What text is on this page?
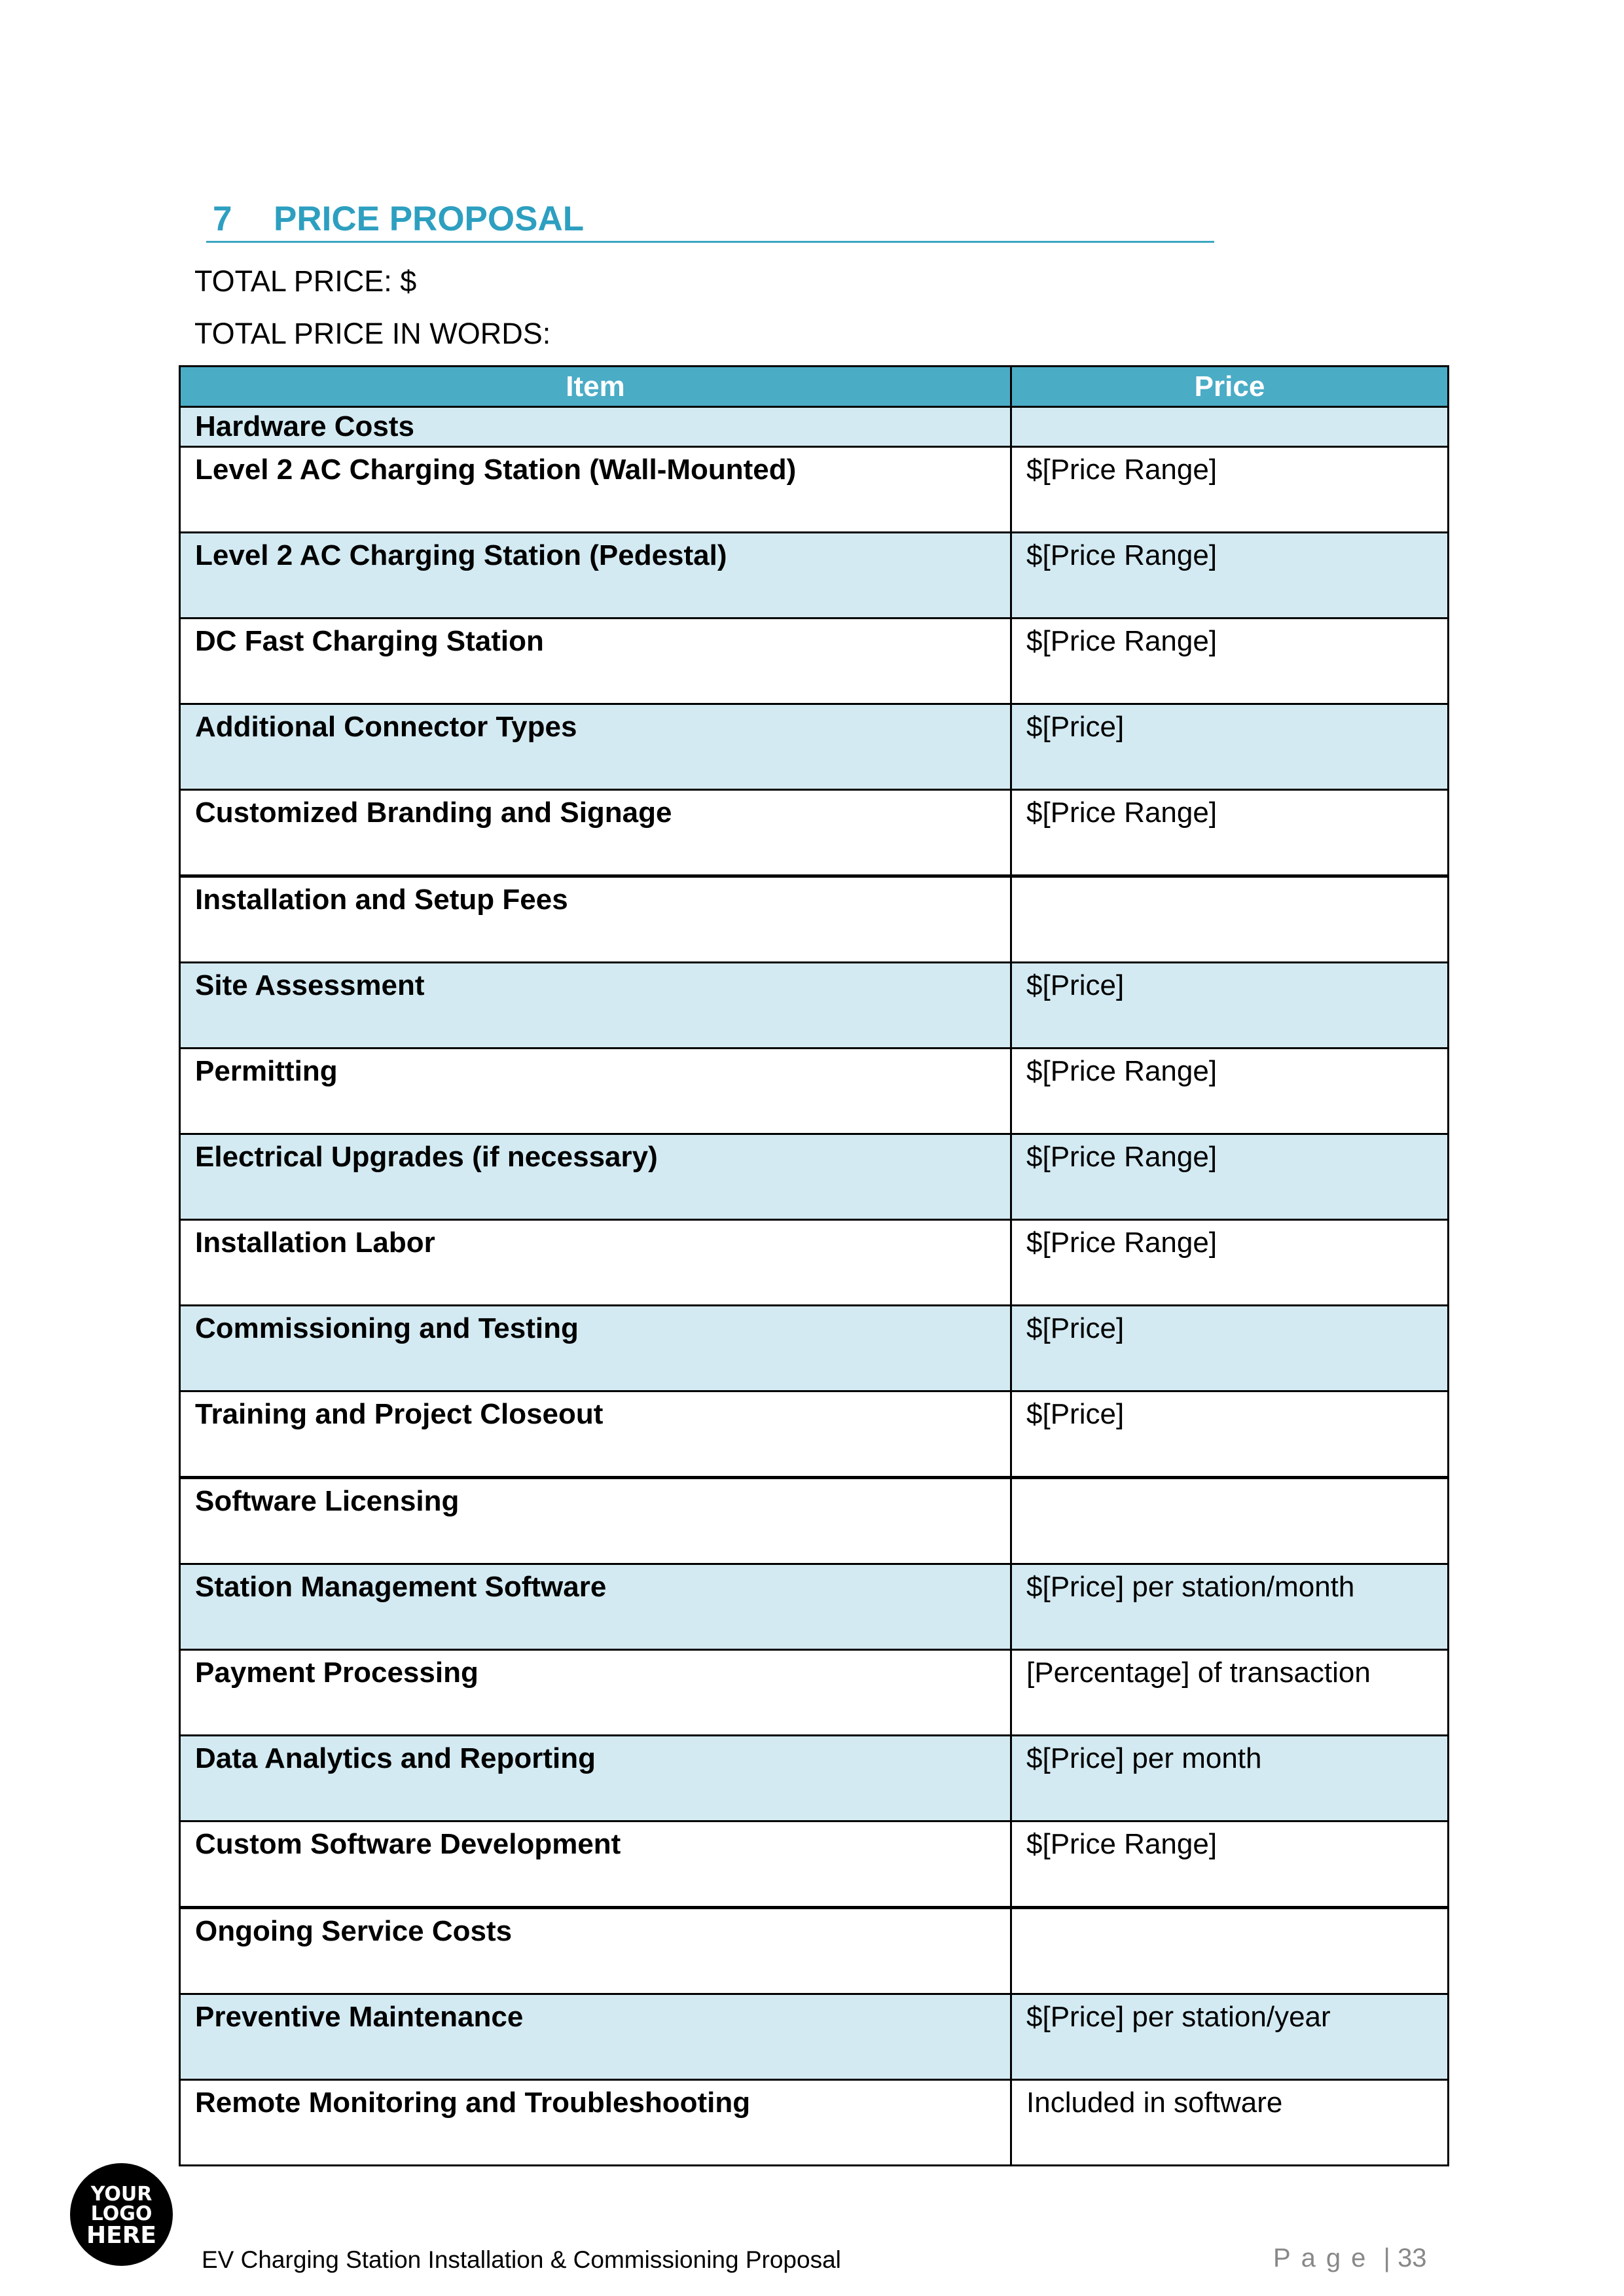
7 PRICE PROPOSAL
TOTAL PRICE: $
TOTAL PRICE IN WORDS:
Item	Price
Hardware Costs	
Level 2 AC Charging Station (Wall-Mounted)	$[Price Range]
Level 2 AC Charging Station (Pedestal)	$[Price Range]
DC Fast Charging Station	$[Price Range]
Additional Connector Types	$[Price]
Customized Branding and Signage	$[Price Range]
Installation and Setup Fees	
Site Assessment	$[Price]
Permitting	$[Price Range]
Electrical Upgrades (if necessary)	$[Price Range]
Installation Labor	$[Price Range]
Commissioning and Testing	$[Price]
Training and Project Closeout	$[Price]
Software Licensing	
Station Management Software	$[Price] per station/month
Payment Processing	[Percentage] of transaction
Data Analytics and Reporting	$[Price] per month
Custom Software Development	$[Price Range]
Ongoing Service Costs	
Preventive Maintenance	$[Price] per station/year
Remote Monitoring and Troubleshooting	Included in software
YOUR
LOGO
HERE
EV Charging Station Installation & Commissioning Proposal	Page | 33
